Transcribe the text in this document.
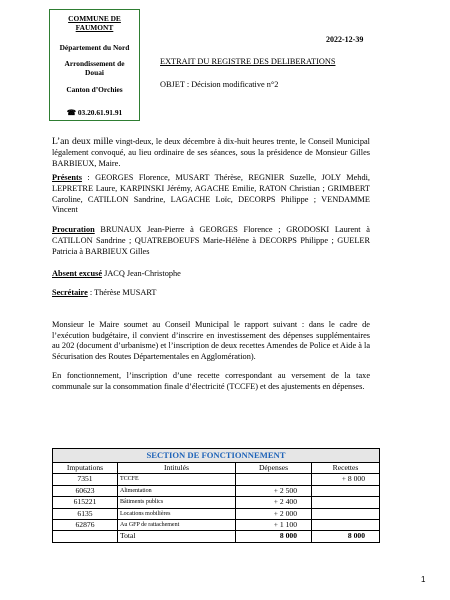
COMMUNE DE
FAUMONT
Département du Nord
Arrondissement de
Douai
Canton d’Orchies
☎ 03.20.61.91.91
2022-12-39
EXTRAIT DU REGISTRE DES DELIBERATIONS
OBJET : Décision modificative n°2
L’an deux mille vingt-deux, le deux décembre à dix-huit heures trente, le Conseil Municipal légalement convoqué, au lieu ordinaire de ses séances, sous la présidence de Monsieur Gilles BARBIEUX, Maire.
Présents : GEORGES Florence, MUSART Thérèse, REGNIER Suzelle, JOLY Mehdi, LEPRETRE Laure, KARPINSKI Jérémy, AGACHE Emilie, RATON Christian ; GRIMBERT Caroline, CATILLON Sandrine, LAGACHE Loïc, DECORPS Philippe ; VENDAMME Vincent
Procuration BRUNAUX Jean-Pierre à GEORGES Florence ; GRODOSKI Laurent à CATILLON Sandrine ; QUATREBOEUFS Marie-Hélène à DECORPS Philippe ; GUELER Patricia à BARBIEUX Gilles
Absent excusé JACQ Jean-Christophe
Secrétaire : Thérèse MUSART
Monsieur le Maire soumet au Conseil Municipal le rapport suivant : dans le cadre de l’exécution budgétaire, il convient d’inscrire en investissement des dépenses supplémentaires au 202 (document d’urbanisme) et l’inscription de deux recettes Amendes de Police et Aide à la Sécurisation des Routes Départementales en Agglomération).
En fonctionnement, l’inscription d’une recette correspondant au versement de la taxe communale sur la consommation finale d’électricité (TCCFE) et des ajustements en dépenses.
SECTION DE FONCTIONNEMENT			
Imputations	Intitulés	Dépenses	Recettes
7351	TCCFE		+ 8 000
60623	Alimentation	+ 2 500	
615221	Bâtiments publics	+ 2 400	
6135	Locations mobilières	+ 2 000	
62876	Au GFP de rattachement	+ 1 100	
	Total	8 000	8 000
1
